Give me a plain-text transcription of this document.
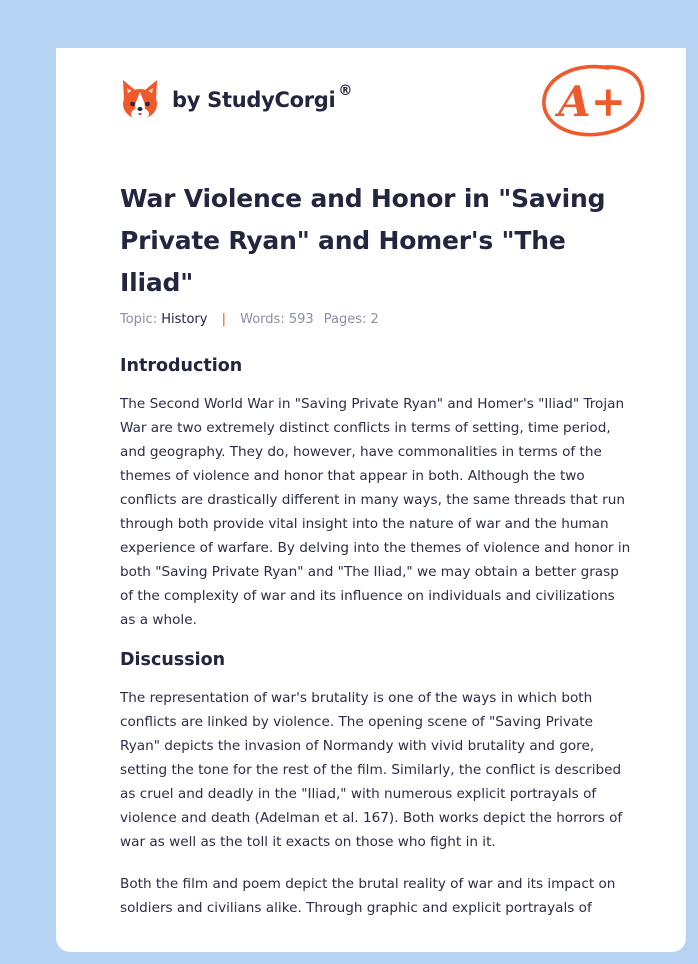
by StudyCorgi ®	A+
War Violence and Honor in "Saving Private Ryan" and Homer's "The Iliad"
Topic: History | Words: 593 Pages: 2
Introduction

The Second World War in "Saving Private Ryan" and Homer's "Iliad" Trojan War are two extremely distinct conflicts in terms of setting, time period, and geography. They do, however, have commonalities in terms of the themes of violence and honor that appear in both. Although the two conflicts are drastically different in many ways, the same threads that run through both provide vital insight into the nature of war and the human experience of warfare. By delving into the themes of violence and honor in both "Saving Private Ryan" and "The Iliad," we may obtain a better grasp of the complexity of war and its influence on individuals and civilizations as a whole.

Discussion

The representation of war's brutality is one of the ways in which both conflicts are linked by violence. The opening scene of "Saving Private Ryan" depicts the invasion of Normandy with vivid brutality and gore, setting the tone for the rest of the film. Similarly, the conflict is described as cruel and deadly in the "Iliad," with numerous explicit portrayals of violence and death (Adelman et al. 167). Both works depict the horrors of war as well as the toll it exacts on those who fight in it.

Both the film and poem depict the brutal reality of war and its impact on soldiers and civilians alike. Through graphic and explicit portrayals of
